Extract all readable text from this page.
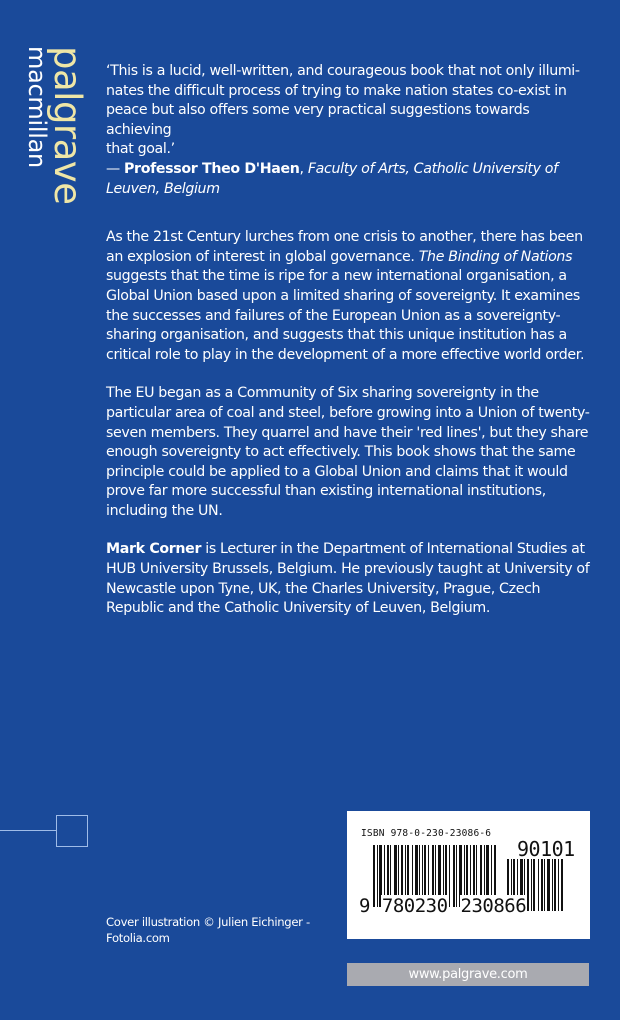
palgrave
macmillan	‘This is a lucid, well-written, and courageous book that not only illumi-
nates the difficult process of trying to make nation states co-exist in
peace but also offers some very practical suggestions towards achieving
that goal.’
— Professor Theo D'Haen, Faculty of Arts, Catholic University of Leuven, Belgium

As the 21st Century lurches from one crisis to another, there has been an explosion of interest in global governance. The Binding of Nations suggests that the time is ripe for a new international organisation, a Global Union based upon a limited sharing of sovereignty. It examines the successes and failures of the European Union as a sovereignty-sharing organisation, and suggests that this unique institution has a critical role to play in the development of a more effective world order.

The EU began as a Community of Six sharing sovereignty in the particular area of coal and steel, before growing into a Union of twenty-seven members. They quarrel and have their 'red lines', but they share enough sovereignty to act effectively. This book shows that the same principle could be applied to a Global Union and claims that it would prove far more successful than existing international institutions, including the UN.

Mark Corner is Lecturer in the Department of International Studies at HUB University Brussels, Belgium. He previously taught at University of Newcastle upon Tyne, UK, the Charles University, Prague, Czech Republic and the Catholic University of Leuven, Belgium.

Cover illustration © Julien Eichinger - Fotolia.com
ISBN 978-0-230-23086-6
9 780230 230866
90101
www.palgrave.com
